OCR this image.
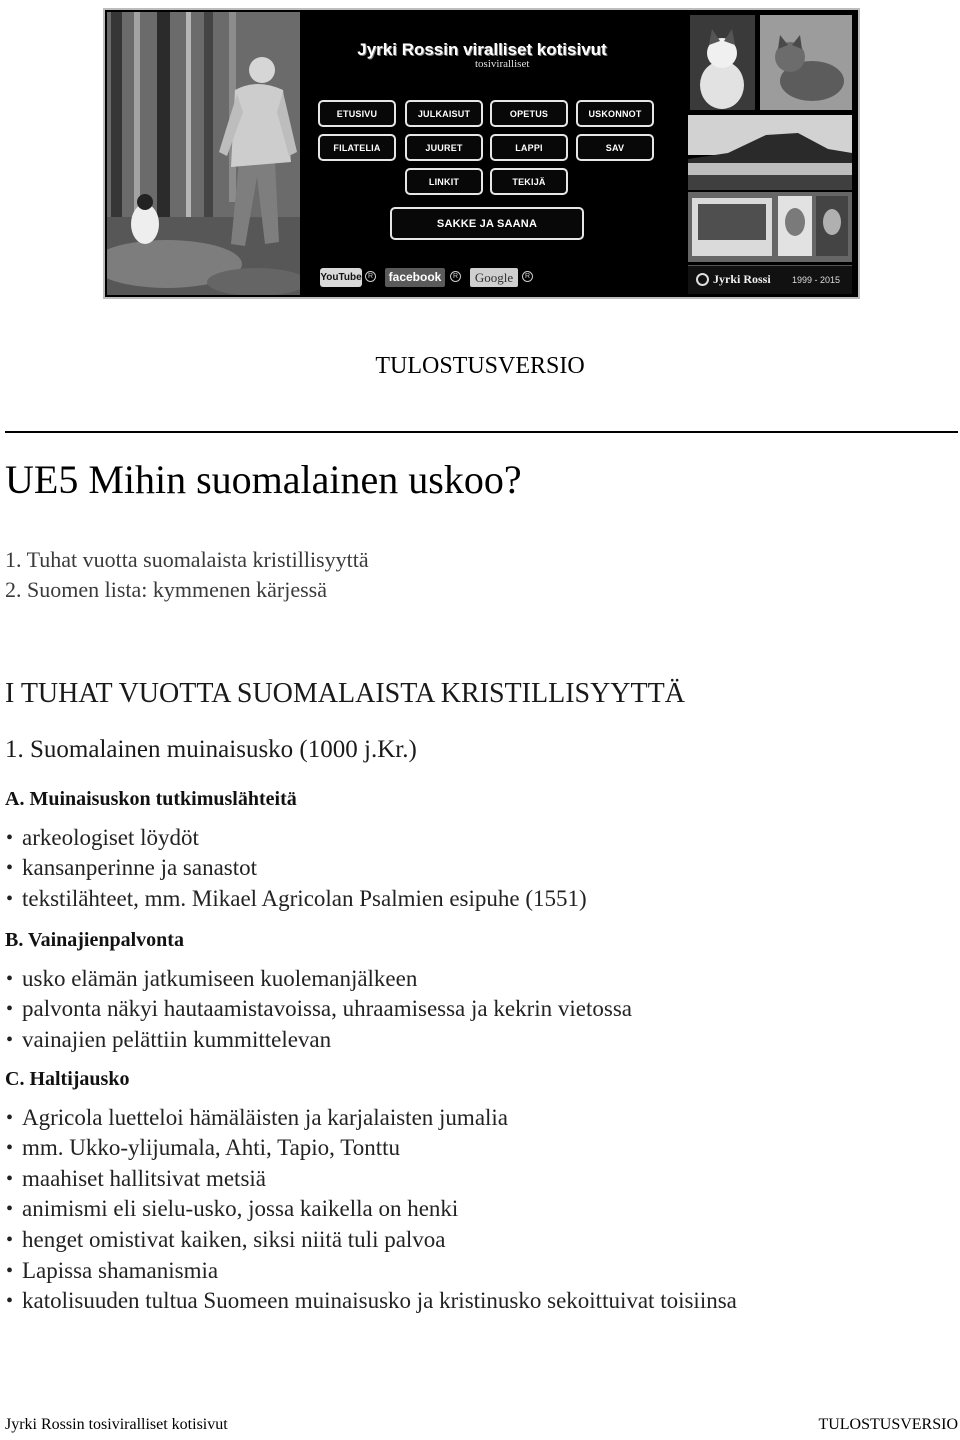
Jyrki Rossin viralliset kotisivut
tosiviralliset
ETUSIVU	JULKAISUT	OPETUS	USKONNOT
FILATELIA	JUURET	LAPPI	SAV
LINKIT	TEKIJÄ
SAKKE JA SAANA
YouTube R	facebook R	Google R	Jyrki Rossi 1999 - 2015
TULOSTUSVERSIO
UE5 Mihin suomalainen uskoo?
1. Tuhat vuotta suomalaista kristillisyyttä
2. Suomen lista: kymmenen kärjessä
I TUHAT VUOTTA SUOMALAISTA KRISTILLISYYTTÄ
1. Suomalainen muinaisusko (1000 j.Kr.)
A. Muinaisuskon tutkimuslähteitä
• arkeologiset löydöt
• kansanperinne ja sanastot
• tekstilähteet, mm. Mikael Agricolan Psalmien esipuhe (1551)
B. Vainajienpalvonta
• usko elämän jatkumiseen kuolemanjälkeen
• palvonta näkyi hautaamistavoissa, uhraamisessa ja kekrin vietossa
• vainajien pelättiin kummittelevan
C. Haltijausko
• Agricola luetteloi hämäläisten ja karjalaisten jumalia
• mm. Ukko-ylijumala, Ahti, Tapio, Tonttu
• maahiset hallitsivat metsiä
• animismi eli sielu-usko, jossa kaikella on henki
• henget omistivat kaiken, siksi niitä tuli palvoa
• Lapissa shamanismia
• katolisuuden tultua Suomeen muinaisusko ja kristinusko sekoittuivat toisiinsa
Jyrki Rossin tosiviralliset kotisivut	TULOSTUSVERSIO
